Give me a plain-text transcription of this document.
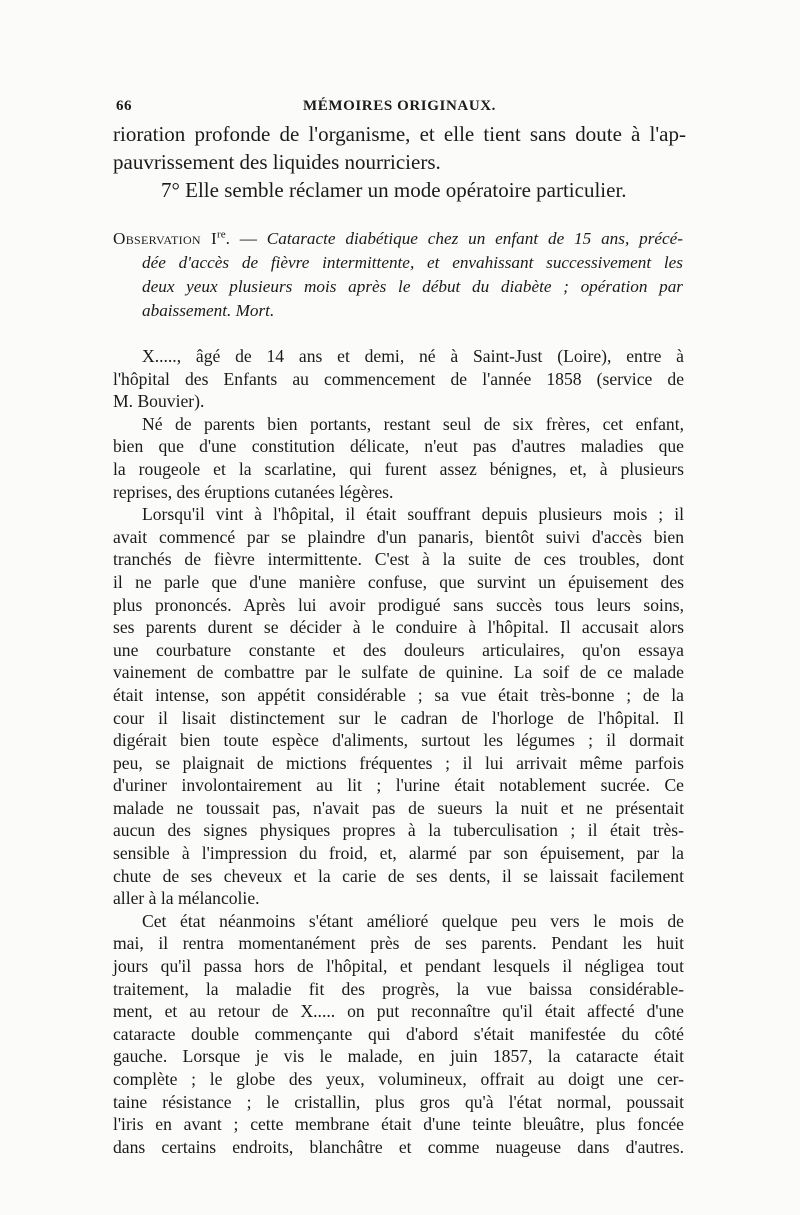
66	MÉMOIRES ORIGINAUX.
rioration profonde de l'organisme, et elle tient sans doute à l'ap-
pauvrissement des liquides nourriciers.
7° Elle semble réclamer un mode opératoire particulier.
Observation Ire. — Cataracte diabétique chez un enfant de 15 ans, précé-
dée d'accès de fièvre intermittente, et envahissant successivement les
deux yeux plusieurs mois après le début du diabète ; opération par
abaissement. Mort.
X....., âgé de 14 ans et demi, né à Saint-Just (Loire), entre à
l'hôpital des Enfants au commencement de l'année 1858 (service de
M. Bouvier).
Né de parents bien portants, restant seul de six frères, cet enfant,
bien que d'une constitution délicate, n'eut pas d'autres maladies que
la rougeole et la scarlatine, qui furent assez bénignes, et, à plusieurs
reprises, des éruptions cutanées légères.
Lorsqu'il vint à l'hôpital, il était souffrant depuis plusieurs mois ; il
avait commencé par se plaindre d'un panaris, bientôt suivi d'accès bien
tranchés de fièvre intermittente. C'est à la suite de ces troubles, dont
il ne parle que d'une manière confuse, que survint un épuisement des
plus prononcés. Après lui avoir prodigué sans succès tous leurs soins,
ses parents durent se décider à le conduire à l'hôpital. Il accusait alors
une courbature constante et des douleurs articulaires, qu'on essaya
vainement de combattre par le sulfate de quinine. La soif de ce malade
était intense, son appétit considérable ; sa vue était très-bonne ; de la
cour il lisait distinctement sur le cadran de l'horloge de l'hôpital. Il
digérait bien toute espèce d'aliments, surtout les légumes ; il dormait
peu, se plaignait de mictions fréquentes ; il lui arrivait même parfois
d'uriner involontairement au lit ; l'urine était notablement sucrée. Ce
malade ne toussait pas, n'avait pas de sueurs la nuit et ne présentait
aucun des signes physiques propres à la tuberculisation ; il était très-
sensible à l'impression du froid, et, alarmé par son épuisement, par la
chute de ses cheveux et la carie de ses dents, il se laissait facilement
aller à la mélancolie.
Cet état néanmoins s'étant amélioré quelque peu vers le mois de
mai, il rentra momentanément près de ses parents. Pendant les huit
jours qu'il passa hors de l'hôpital, et pendant lesquels il négligea tout
traitement, la maladie fit des progrès, la vue baissa considérable-
ment, et au retour de X..... on put reconnaître qu'il était affecté d'une
cataracte double commençante qui d'abord s'était manifestée du côté
gauche. Lorsque je vis le malade, en juin 1857, la cataracte était
complète ; le globe des yeux, volumineux, offrait au doigt une cer-
taine résistance ; le cristallin, plus gros qu'à l'état normal, poussait
l'iris en avant ; cette membrane était d'une teinte bleuâtre, plus foncée
dans certains endroits, blanchâtre et comme nuageuse dans d'autres.
